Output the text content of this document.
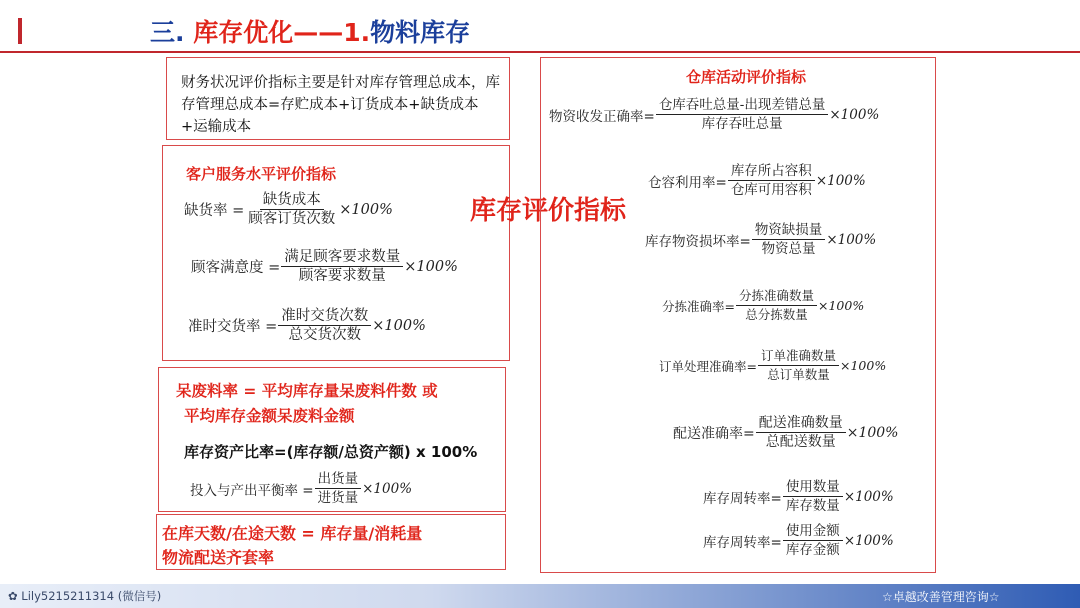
三. 库存优化——1.物料库存
财务状况评价指标主要是针对库存管理总成本，库存管理总成本=存贮成本+订货成本+缺货成本+运输成本
客户服务水平评价指标
缺货率 = $\frac{\text{缺货成本}}{\text{顾客订货次数}} \times 100\%$
顾客满意度 = $\frac{\text{满足顾客要求数量}}{\text{顾客要求数量}} \times 100\%$
准时交货率 = $\frac{\text{准时交货次数}}{\text{总交货次数}} \times 100\%$
库存评价指标
呆废料率 = 平均库存量呆废料件数 或
平均库存金额呆废料金额
库存资产比率=(库存额/总资产额) x 100%
投入与产出平衡率 = $\frac{\text{出货量}}{\text{进货量}} \times 100\%$
在库天数/在途天数 = 库存量/消耗量
物流配送齐套率
仓库活动评价指标
物资收发正确率= $\frac{\text{仓库吞吐总量-出现差错总量}}{\text{库存吞吐总量}} \times 100\%$
仓容利用率= $\frac{\text{库存所占容积}}{\text{仓库可用容积}} \times 100\%$
库存物资损坏率= $\frac{\text{物资缺损量}}{\text{物资总量}} \times 100\%$
分拣准确率= $\frac{\text{分拣准确数量}}{\text{总分拣数量}} \times 100\%$
订单处理准确率= $\frac{\text{订单准确数量}}{\text{总订单数量}} \times 100\%$
配送准确率= $\frac{\text{配送准确数量}}{\text{总配送数量}} \times 100\%$
库存周转率= $\frac{\text{使用数量}}{\text{库存数量}} \times 100\%$
库存周转率= $\frac{\text{使用金额}}{\text{库存金额}} \times 100\%$
✿ Lily5215211314 (微信号)	☆卓越改善管理咨询☆
